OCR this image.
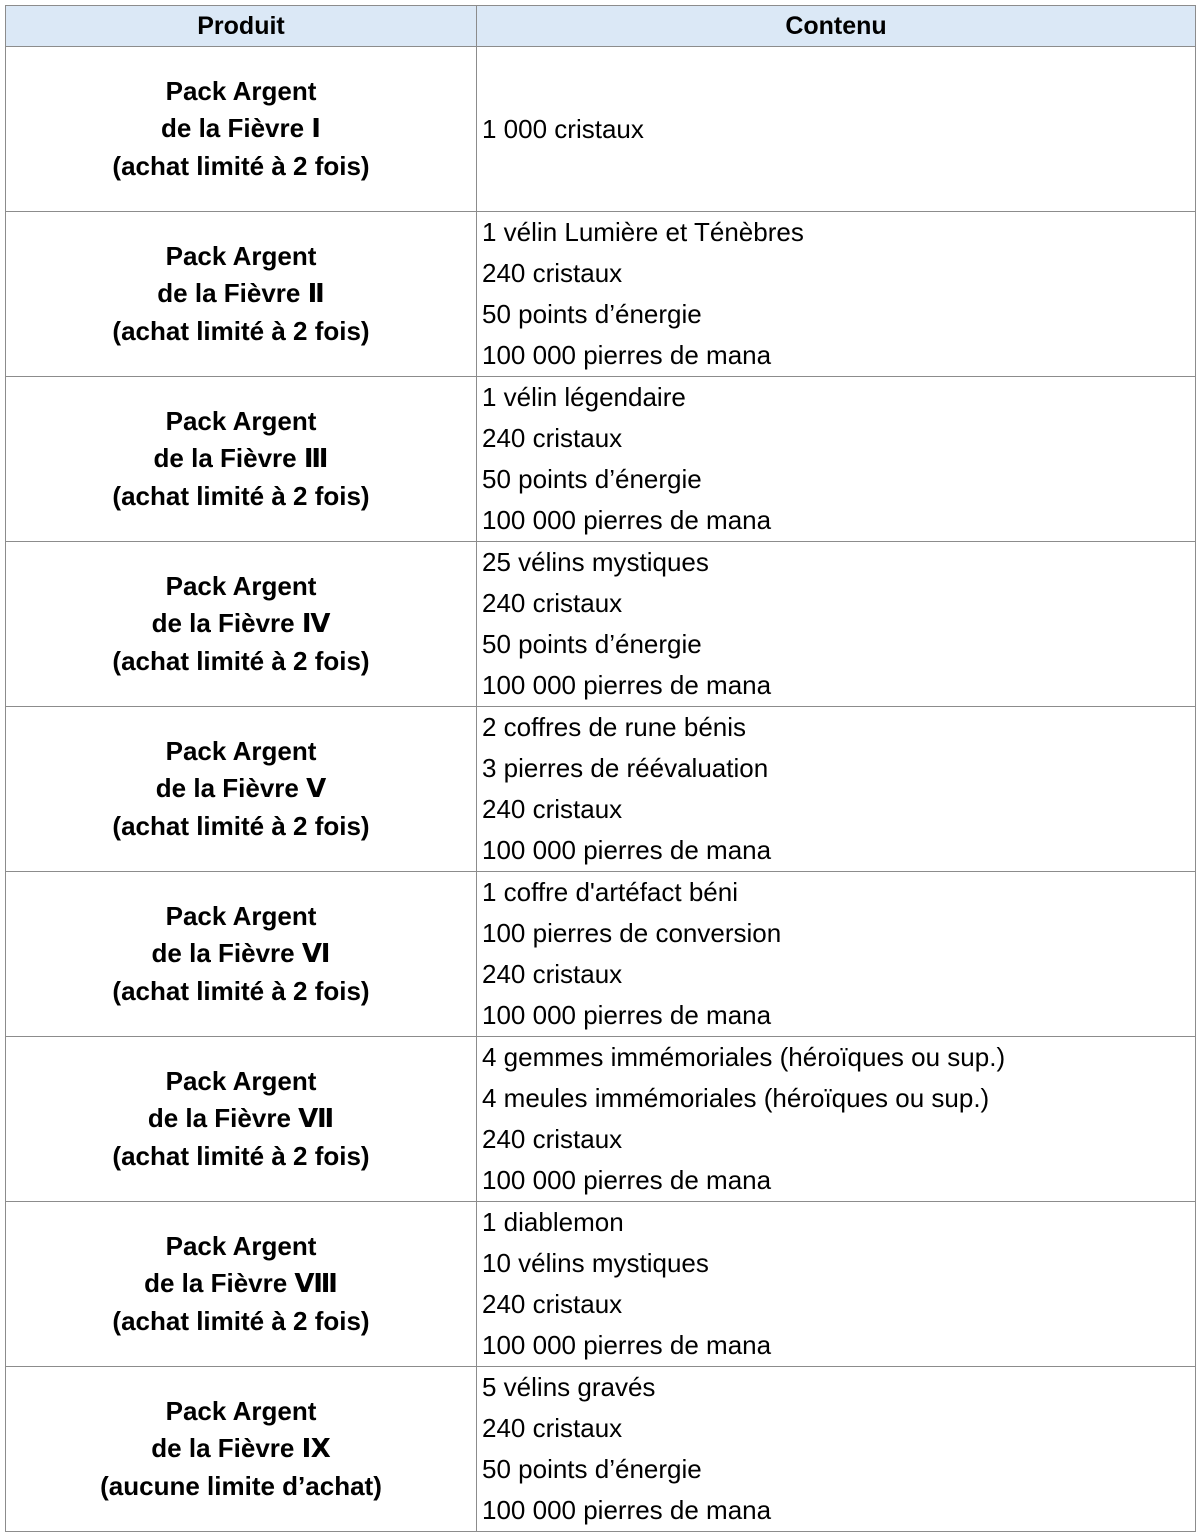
Produit	Contenu

Pack Argent
de la Fièvre Ⅰ
(achat limité à 2 fois)	1 000 cristaux

Pack Argent
de la Fièvre Ⅱ
(achat limité à 2 fois)	1 vélin Lumière et Ténèbres
240 cristaux
50 points d’énergie
100 000 pierres de mana

Pack Argent
de la Fièvre Ⅲ
(achat limité à 2 fois)	1 vélin légendaire
240 cristaux
50 points d’énergie
100 000 pierres de mana

Pack Argent
de la Fièvre Ⅳ
(achat limité à 2 fois)	25 vélins mystiques
240 cristaux
50 points d’énergie
100 000 pierres de mana

Pack Argent
de la Fièvre Ⅴ
(achat limité à 2 fois)	2 coffres de rune bénis
3 pierres de réévaluation
240 cristaux
100 000 pierres de mana

Pack Argent
de la Fièvre Ⅵ
(achat limité à 2 fois)	1 coffre d'artéfact béni
100 pierres de conversion
240 cristaux
100 000 pierres de mana

Pack Argent
de la Fièvre Ⅶ
(achat limité à 2 fois)	4 gemmes immémoriales (héroïques ou sup.)
4 meules immémoriales (héroïques ou sup.)
240 cristaux
100 000 pierres de mana

Pack Argent
de la Fièvre Ⅷ
(achat limité à 2 fois)	1 diablemon
10 vélins mystiques
240 cristaux
100 000 pierres de mana

Pack Argent
de la Fièvre Ⅸ
(aucune limite d’achat)	5 vélins gravés
240 cristaux
50 points d’énergie
100 000 pierres de mana
